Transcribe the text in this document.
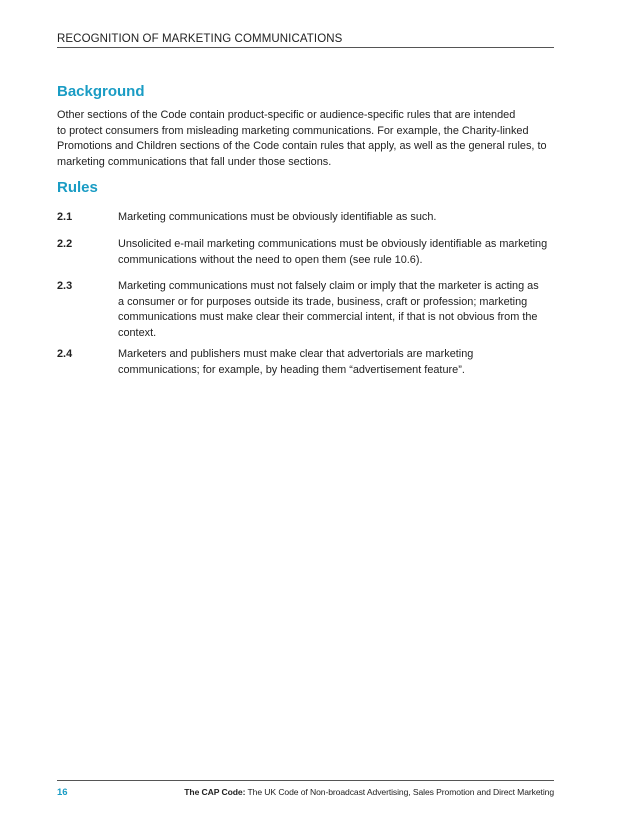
RECOGNITION OF MARKETING COMMUNICATIONS
Background
Other sections of the Code contain product-specific or audience-specific rules that are intended
to protect consumers from misleading marketing communications. For example, the Charity-linked
Promotions and Children sections of the Code contain rules that apply, as well as the general rules, to
marketing communications that fall under those sections.
Rules
2.1	Marketing communications must be obviously identifiable as such.
2.2	Unsolicited e-mail marketing communications must be obviously identifiable as marketing
communications without the need to open them (see rule 10.6).
2.3	Marketing communications must not falsely claim or imply that the marketer is acting as
a consumer or for purposes outside its trade, business, craft or profession; marketing
communications must make clear their commercial intent, if that is not obvious from the
context.
2.4	Marketers and publishers must make clear that advertorials are marketing
communications; for example, by heading them “advertisement feature”.
16	The CAP Code: The UK Code of Non-broadcast Advertising, Sales Promotion and Direct Marketing
